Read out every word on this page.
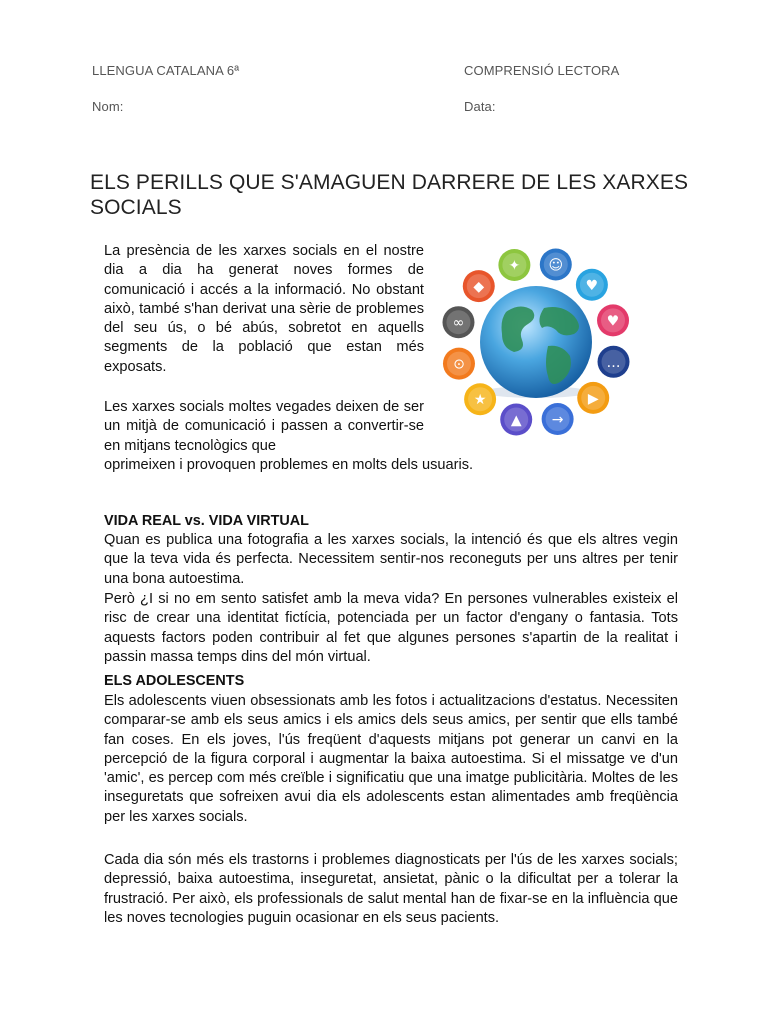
LLENGUA CATALANA 6ª	COMPRENSIÓ LECTORA
Nom:	Data:
ELS PERILLS QUE S'AMAGUEN DARRERE DE LES XARXES SOCIALS

La presència de les xarxes socials en el nostre dia a dia ha generat noves formes de comunicació i accés a la informació. No obstant això, també s'han derivat una sèrie de problemes del seu ús, o bé abús, sobretot en aquells segments de la població que estan més exposats.

Les xarxes socials moltes vegades deixen de ser un mitjà de comunicació i passen a convertir-se en mitjans tecnològics que

oprimeixen i provoquen problemes en molts dels usuaris.

☺
♥
♥
…
▶
→
▲
★
⊙
∞
◆
✦
VIDA REAL vs. VIDA VIRTUAL

Quan es publica una fotografia a les xarxes socials, la intenció és que els altres vegin que la teva vida és perfecta. Necessitem sentir-nos reconeguts per uns altres per tenir una bona autoestima.

Però ¿I si no em sento satisfet amb la meva vida? En persones vulnerables existeix el risc de crear una identitat fictícia, potenciada per un factor d'engany o fantasia. Tots aquests factors poden contribuir al fet que algunes persones s'apartin de la realitat i passin massa temps dins del món virtual.

ELS ADOLESCENTS

Els adolescents viuen obsessionats amb les fotos i actualitzacions d'estatus. Necessiten comparar-se amb els seus amics i els amics dels seus amics, per sentir que ells també fan coses. En els joves, l'ús freqüent d'aquests mitjans pot generar un canvi en la percepció de la figura corporal i augmentar la baixa autoestima. Si el missatge ve d'un 'amic', es percep com més creïble i significatiu que una imatge publicitària. Moltes de les inseguretats que sofreixen avui dia els adolescents estan alimentades amb freqüència per les xarxes socials.

Cada dia són més els trastorns i problemes diagnosticats per l'ús de les xarxes socials; depressió, baixa autoestima, inseguretat, ansietat, pànic o la dificultat per a tolerar la frustració. Per això, els professionals de salut mental han de fixar-se en la influència que les noves tecnologies puguin ocasionar en els seus pacients.
